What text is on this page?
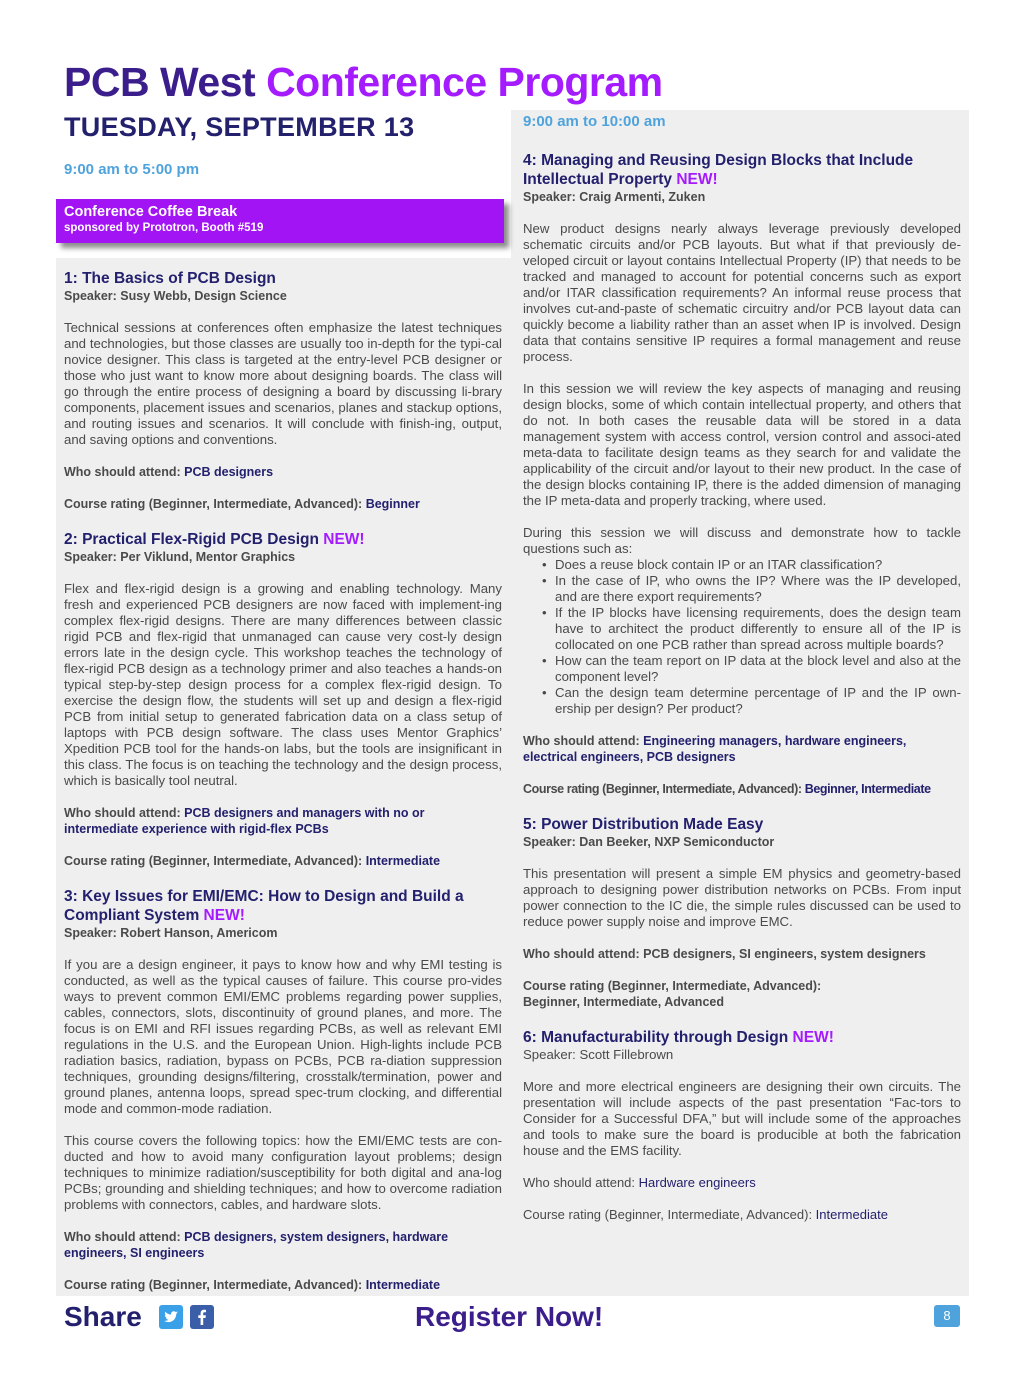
PCB West Conference Program
TUESDAY, SEPTEMBER 13
9:00 am to 5:00 pm
Conference Coffee Break
sponsored by Prototron, Booth #519
1: The Basics of PCB Design
Speaker: Susy Webb, Design Science

Technical sessions at conferences often emphasize the latest techniques and technologies, but those classes are usually too in-depth for the typi-cal novice designer. This class is targeted at the entry-level PCB designer or those who just want to know more about designing boards. The class will go through the entire process of designing a board by discussing li-brary components, placement issues and scenarios, planes and stackup options, and routing issues and scenarios. It will conclude with finish-ing, output, and saving options and conventions.

Who should attend: PCB designers
Course rating (Beginner, Intermediate, Advanced): Beginner
2: Practical Flex-Rigid PCB Design NEW!
Speaker: Per Viklund, Mentor Graphics

Flex and flex-rigid design is a growing and enabling technology. Many fresh and experienced PCB designers are now faced with implement-ing complex flex-rigid designs. There are many differences between classic rigid PCB and flex-rigid that unmanaged can cause very cost-ly design errors late in the design cycle. This workshop teaches the technology of flex-rigid PCB design as a technology primer and also teaches a hands-on typical step-by-step design process for a complex flex-rigid design. To exercise the design flow, the students will set up and design a flex-rigid PCB from initial setup to generated fabrication data on a class setup of laptops with PCB design software. The class uses Mentor Graphics’ Xpedition PCB tool for the hands-on labs, but the tools are insignificant in this class. The focus is on teaching the technology and the design process, which is basically tool neutral.

Who should attend: PCB designers and managers with no or intermediate experience with rigid-flex PCBs
Course rating (Beginner, Intermediate, Advanced): Intermediate
3: Key Issues for EMI/EMC: How to Design and Build a Compliant System NEW!
Speaker: Robert Hanson, Americom

If you are a design engineer, it pays to know how and why EMI testing is conducted, as well as the typical causes of failure. This course pro-vides ways to prevent common EMI/EMC problems regarding power supplies, cables, connectors, slots, discontinuity of ground planes, and more. The focus is on EMI and RFI issues regarding PCBs, as well as relevant EMI regulations in the U.S. and the European Union. High-lights include PCB radiation basics, radiation, bypass on PCBs, PCB ra-diation suppression techniques, grounding designs/filtering, crosstalk/termination, power and ground planes, antenna loops, spread spec-trum clocking, and differential mode and common-mode radiation.

This course covers the following topics: how the EMI/EMC tests are con-ducted and how to avoid many configuration layout problems; design techniques to minimize radiation/susceptibility for both digital and ana-log PCBs; grounding and shielding techniques; and how to overcome radiation problems with connectors, cables, and hardware slots.

Who should attend: PCB designers, system designers, hardware engineers, SI engineers
Course rating (Beginner, Intermediate, Advanced): Intermediate
9:00 am to 10:00 am
4: Managing and Reusing Design Blocks that Include Intellectual Property NEW!
Speaker: Craig Armenti, Zuken

New product designs nearly always leverage previously developed schematic circuits and/or PCB layouts. But what if that previously de-veloped circuit or layout contains Intellectual Property (IP) that needs to be tracked and managed to account for potential concerns such as export and/or ITAR classification requirements? An informal reuse process that involves cut-and-paste of schematic circuitry and/or PCB layout data can quickly become a liability rather than an asset when IP is involved. Design data that contains sensitive IP requires a formal management and reuse process.

In this session we will review the key aspects of managing and reusing design blocks, some of which contain intellectual property, and others that do not. In both cases the reusable data will be stored in a data management system with access control, version control and associ-ated meta-data to facilitate design teams as they search for and validate the applicability of the circuit and/or layout to their new product. In the case of the design blocks containing IP, there is the added dimension of managing the IP meta-data and properly tracking, where used.

During this session we will discuss and demonstrate how to tackle questions such as:

• Does a reuse block contain IP or an ITAR classification?
• In the case of IP, who owns the IP? Where was the IP developed, and are there export requirements?
• If the IP blocks have licensing requirements, does the design team have to architect the product differently to ensure all of the IP is collocated on one PCB rather than spread across multiple boards?
• How can the team report on IP data at the block level and also at the component level?
• Can the design team determine percentage of IP and the IP own-ership per design? Per product?
Who should attend: Engineering managers, hardware engineers, electrical engineers, PCB designers
Course rating (Beginner, Intermediate, Advanced): Beginner, Intermediate
5: Power Distribution Made Easy
Speaker: Dan Beeker, NXP Semiconductor

This presentation will present a simple EM physics and geometry-based approach to designing power distribution networks on PCBs. From input power connection to the IC die, the simple rules discussed can be used to reduce power supply noise and improve EMC.

Who should attend: PCB designers, SI engineers, system designers
Course rating (Beginner, Intermediate, Advanced):
Beginner, Intermediate, Advanced
6: Manufacturability through Design NEW!
Speaker: Scott Fillebrown

More and more electrical engineers are designing their own circuits. The presentation will include aspects of the past presentation “Fac-tors to Consider for a Successful DFA,” but will include some of the approaches and tools to make sure the board is producible at both the fabrication house and the EMS facility.

Who should attend: Hardware engineers
Course rating (Beginner, Intermediate, Advanced): Intermediate
Share	Register Now!	8
